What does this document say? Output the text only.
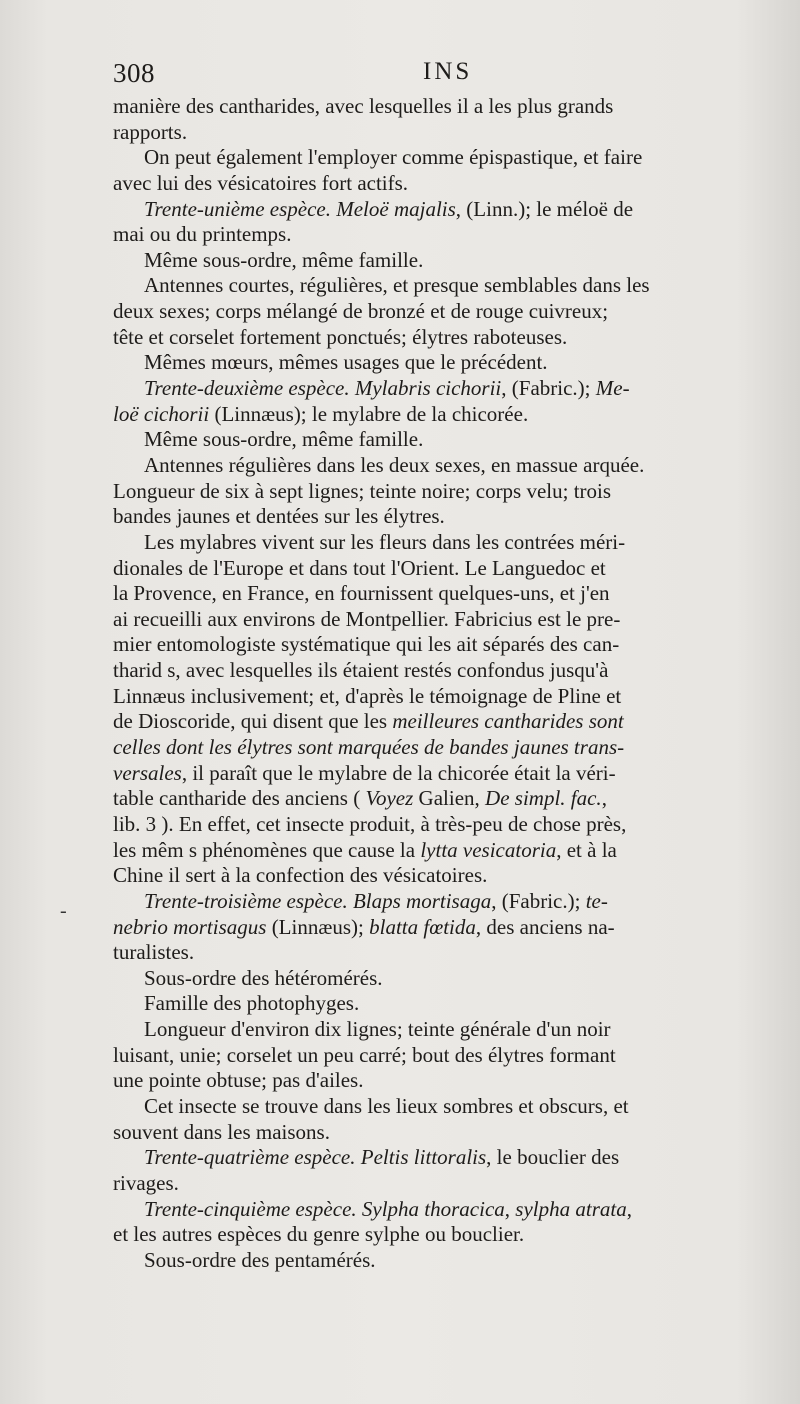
308	INS
-
manière des cantharides, avec lesquelles il a les plus grands
rapports.
On peut également l'employer comme épispastique, et faire
avec lui des vésicatoires fort actifs.
Trente-unième espèce. Meloë majalis, (Linn.); le méloë de
mai ou du printemps.
Même sous-ordre, même famille.
Antennes courtes, régulières, et presque semblables dans les
deux sexes; corps mélangé de bronzé et de rouge cuivreux;
tête et corselet fortement ponctués; élytres raboteuses.
Mêmes mœurs, mêmes usages que le précédent.
Trente-deuxième espèce. Mylabris cichorii, (Fabric.); Me-
loë cichorii (Linnæus); le mylabre de la chicorée.
Même sous-ordre, même famille.
Antennes régulières dans les deux sexes, en massue arquée.
Longueur de six à sept lignes; teinte noire; corps velu; trois
bandes jaunes et dentées sur les élytres.
Les mylabres vivent sur les fleurs dans les contrées méri-
dionales de l'Europe et dans tout l'Orient. Le Languedoc et
la Provence, en France, en fournissent quelques-uns, et j'en
ai recueilli aux environs de Montpellier. Fabricius est le pre-
mier entomologiste systématique qui les ait séparés des can-
tharid s, avec lesquelles ils étaient restés confondus jusqu'à
Linnæus inclusivement; et, d'après le témoignage de Pline et
de Dioscoride, qui disent que les meilleures cantharides sont
celles dont les élytres sont marquées de bandes jaunes trans-
versales, il paraît que le mylabre de la chicorée était la véri-
table cantharide des anciens ( Voyez Galien, De simpl. fac.,
lib. 3 ). En effet, cet insecte produit, à très-peu de chose près,
les mêm s phénomènes que cause la lytta vesicatoria, et à la
Chine il sert à la confection des vésicatoires.
Trente-troisième espèce. Blaps mortisaga, (Fabric.); te-
nebrio mortisagus (Linnæus); blatta fœtida, des anciens na-
turalistes.
Sous-ordre des hétéromérés.
Famille des photophyges.
Longueur d'environ dix lignes; teinte générale d'un noir
luisant, unie; corselet un peu carré; bout des élytres formant
une pointe obtuse; pas d'ailes.
Cet insecte se trouve dans les lieux sombres et obscurs, et
souvent dans les maisons.
Trente-quatrième espèce. Peltis littoralis, le bouclier des
rivages.
Trente-cinquième espèce. Sylpha thoracica, sylpha atrata,
et les autres espèces du genre sylphe ou bouclier.
Sous-ordre des pentamérés.
